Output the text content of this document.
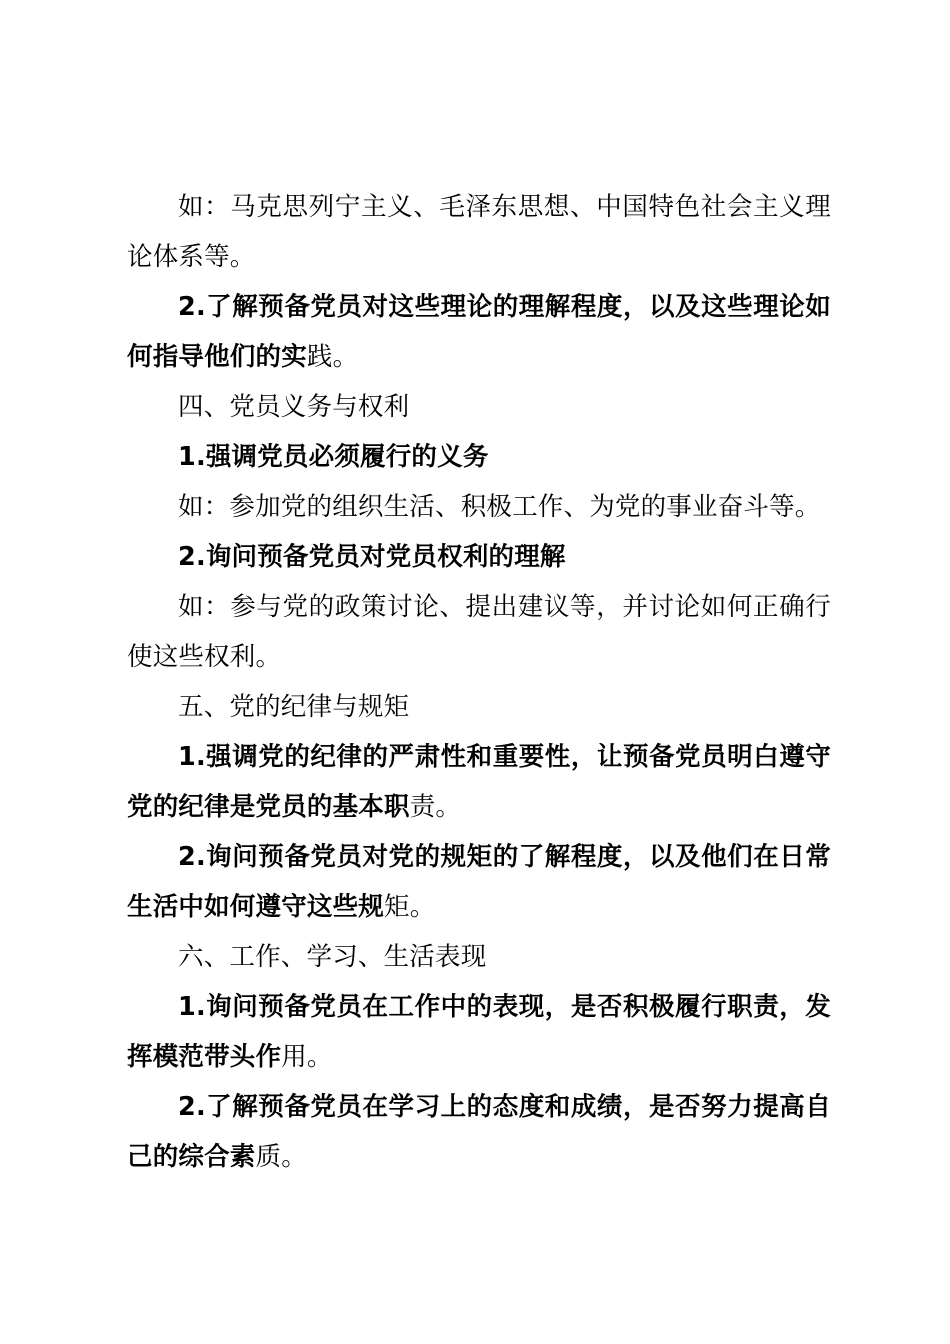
如：马克思列宁主义、毛泽东思想、中国特色社会主义理论体系等。

2.了解预备党员对这些理论的理解程度，以及这些理论如何指导他们的实践。

四、党员义务与权利

1.强调党员必须履行的义务

如：参加党的组织生活、积极工作、为党的事业奋斗等。

2.询问预备党员对党员权利的理解

如：参与党的政策讨论、提出建议等，并讨论如何正确行使这些权利。

五、党的纪律与规矩

1.强调党的纪律的严肃性和重要性，让预备党员明白遵守党的纪律是党员的基本职责。

2.询问预备党员对党的规矩的了解程度，以及他们在日常生活中如何遵守这些规矩。

六、工作、学习、生活表现

1.询问预备党员在工作中的表现，是否积极履行职责，发挥模范带头作用。

2.了解预备党员在学习上的态度和成绩，是否努力提高自己的综合素质。
